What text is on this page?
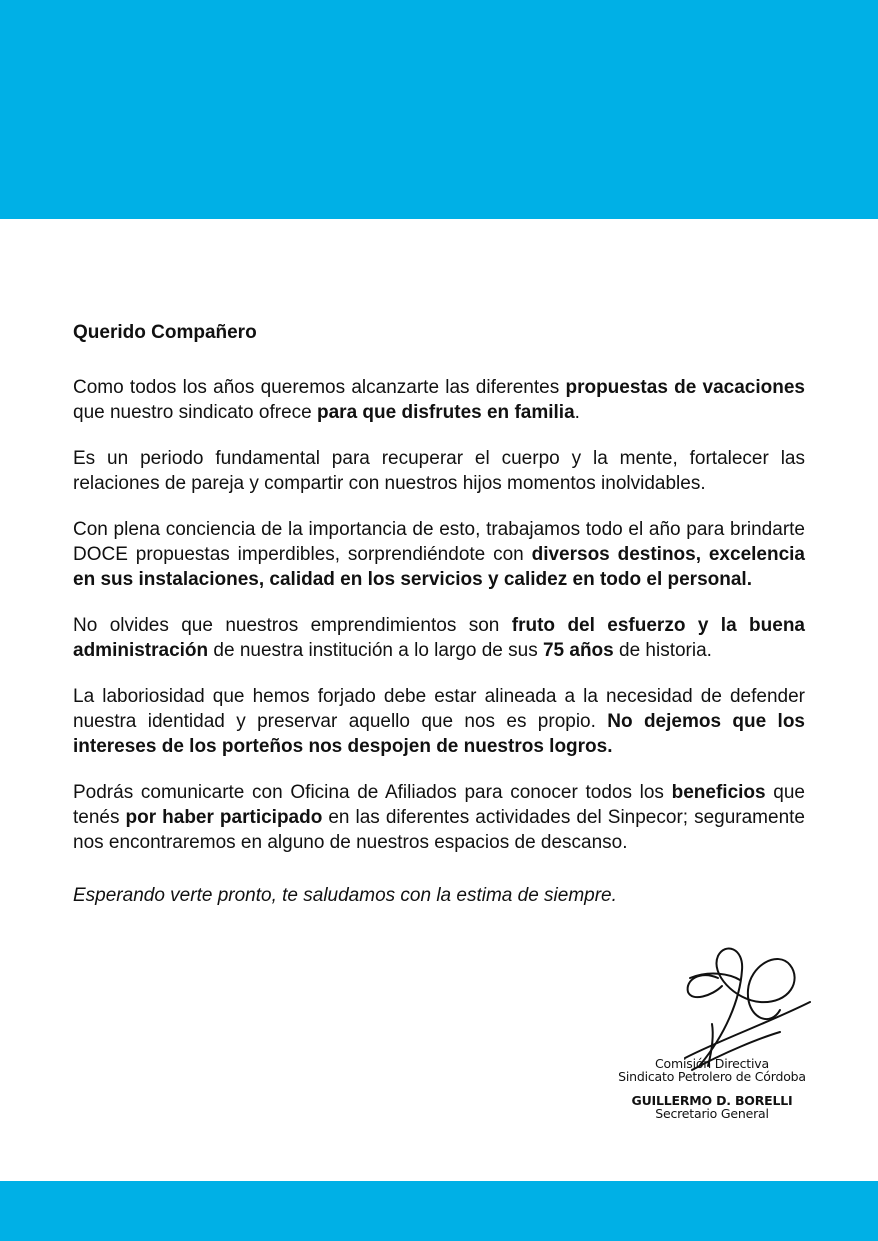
Querido Compañero

Como todos los años queremos alcanzarte las diferentes propuestas de vacaciones que nuestro sindicato ofrece para que disfrutes en familia.

Es un periodo fundamental para recuperar el cuerpo y la mente, fortalecer las relaciones de pareja y compartir con nuestros hijos momentos inolvidables.

Con plena conciencia de la importancia de esto, trabajamos todo el año para brindarte DOCE propuestas imperdibles, sorprendiéndote con diversos destinos, excelencia en sus instalaciones, calidad en los servicios y calidez en todo el personal.

No olvides que nuestros emprendimientos son fruto del esfuerzo y la buena administración de nuestra institución a lo largo de sus 75 años de historia.

La laboriosidad que hemos forjado debe estar alineada a la necesidad de defender nuestra identidad y preservar aquello que nos es propio. No dejemos que los intereses de los porteños nos despojen de nuestros logros.

Podrás comunicarte con Oficina de Afiliados para conocer todos los beneficios que tenés por haber participado en las diferentes actividades del Sinpecor; seguramente nos encontraremos en alguno de nuestros espacios de descanso.

Esperando verte pronto, te saludamos con la estima de siempre.

Comisión Directiva
Sindicato Petrolero de Córdoba
GUILLERMO D. BORELLI
Secretario General
